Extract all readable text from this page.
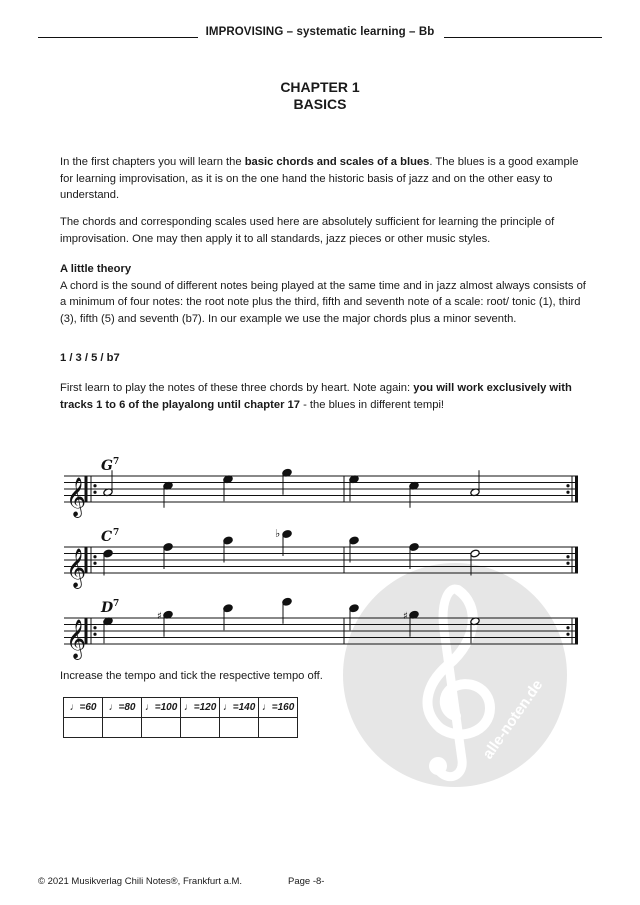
IMPROVISING – systematic learning – Bb
CHAPTER 1
BASICS

In the first chapters you will learn the basic chords and scales of a blues. The blues is a good example for learning improvisation, as it is on the one hand the historic basis of jazz and on the other easy to understand.

The chords and corresponding scales used here are absolutely sufficient for learning the principle of improvisation. One may then apply it to all standards, jazz pieces or other music styles.

A little theory
A chord is the sound of different notes being played at the same time and in jazz almost always consists of a minimum of four notes: the root note plus the third, fifth and seventh note of a scale: root/ tonic (1), third (3), fifth (5) and seventh (b7). In our example we use the major chords plus a minor seventh.

1 / 3 / 5 / b7

First learn to play the notes of these three chords by heart. Note again: you will work exclusively with tracks 1 to 6 of the playalong until chapter 17 - the blues in different tempi!

alle-noten.de
𝄞
G 7
𝄞
C 7	♭
𝄞
D 7
♯	♯
Increase the tempo and tick the respective tempo off.
♩=60	♩=80	♩=100	♩=120	♩=140	♩=160

© 2021 Musikverlag Chili Notes®, Frankfurt a.M.	Page -8-
